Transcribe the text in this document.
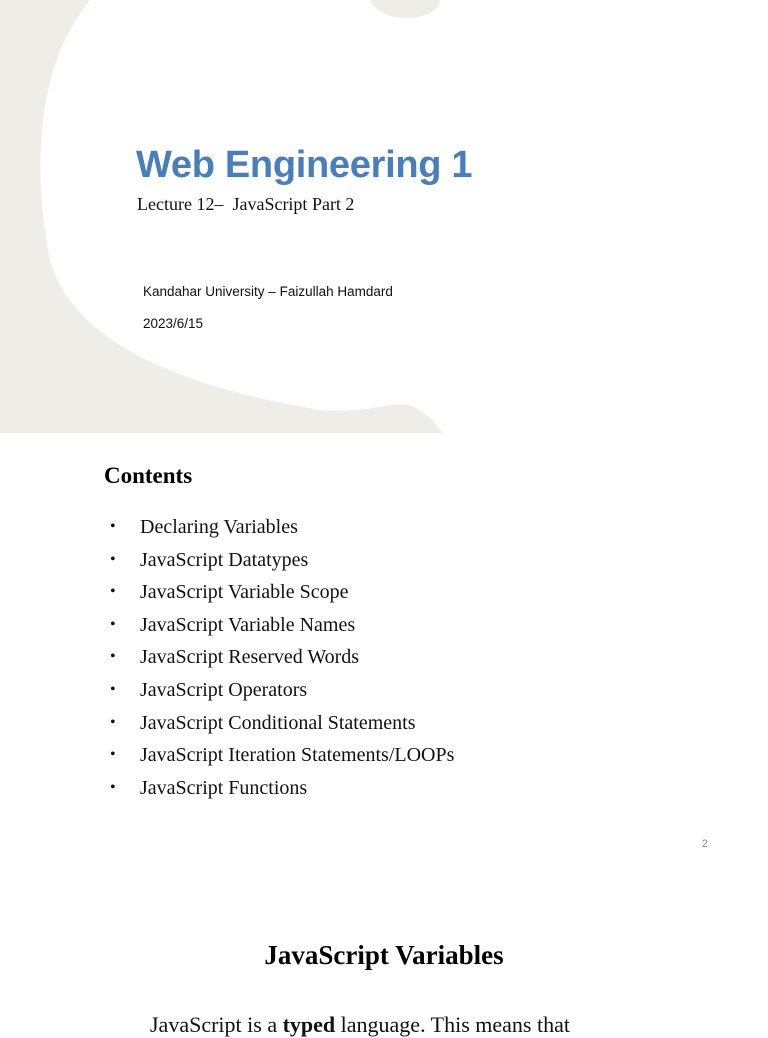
Web Engineering 1
Lecture 12–  JavaScript Part 2
Kandahar University – Faizullah Hamdard
2023/6/15
Contents
• Declaring Variables
• JavaScript Datatypes
• JavaScript Variable Scope
• JavaScript Variable Names
• JavaScript Reserved Words
• JavaScript Operators
• JavaScript Conditional Statements
• JavaScript Iteration Statements/LOOPs
• JavaScript Functions
2
JavaScript Variables
JavaScript is a typed language. This means that
